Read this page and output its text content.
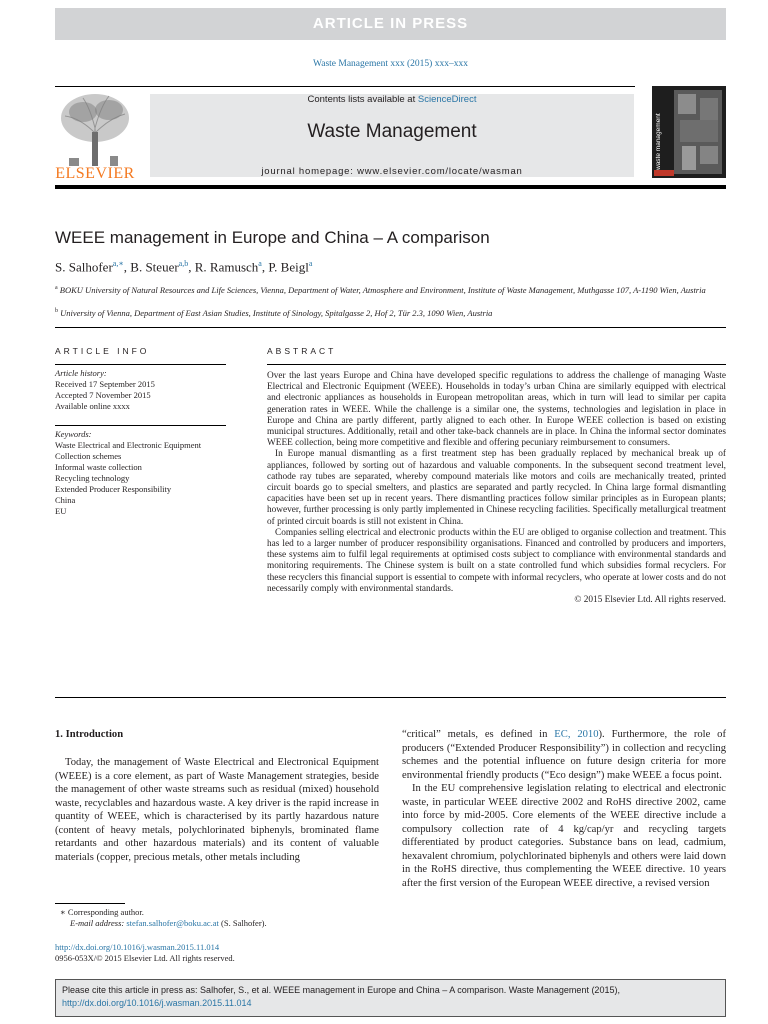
ARTICLE IN PRESS
Waste Management xxx (2015) xxx–xxx
ELSEVIER
Contents lists available at ScienceDirect
Waste Management
journal homepage: www.elsevier.com/locate/wasman
waste management
WEEE management in Europe and China – A comparison
S. Salhofer$^{a,∗}$, B. Steuer$^{a,b}$, R. Ramusch$^a$, P. Beigl$^a$
$^a$ BOKU University of Natural Resources and Life Sciences, Vienna, Department of Water, Atmosphere and Environment, Institute of Waste Management, Muthgasse 107, A-1190 Wien, Austria
$^b$ University of Vienna, Department of East Asian Studies, Institute of Sinology, Spitalgasse 2, Hof 2, Tür 2.3, 1090 Wien, Austria
ARTICLE INFO
Article history:
Received 17 September 2015
Accepted 7 November 2015
Available online xxxx
Keywords:
Waste Electrical and Electronic Equipment
Collection schemes
Informal waste collection
Recycling technology
Extended Producer Responsibility
China
EU
ABSTRACT

Over the last years Europe and China have developed specific regulations to address the challenge of managing Waste Electrical and Electronic Equipment (WEEE). Households in today’s urban China are similarly equipped with electrical and electronic appliances as households in European metropolitan areas, which in turn will lead to similar per capita generation rates in WEEE. While the challenge is a similar one, the systems, technologies and legislation in place in Europe and China are partly different, partly aligned to each other. In Europe WEEE collection is based on existing municipal structures. Additionally, retail and other take-back channels are in place. In China the informal sector dominates WEEE collection, being more competitive and flexible and offering pecuniary reimbursement to consumers.

In Europe manual dismantling as a first treatment step has been gradually replaced by mechanical break up of appliances, followed by sorting out of hazardous and valuable components. In the subsequent second treatment level, cathode ray tubes are separated, whereby compound materials like motors and coils are mechanically treated, printed circuit boards go to special smelters, and plastics are separated and partly recycled. In China large formal dismantling capacities have been set up in recent years. There dismantling practices follow similar principles as in European plants; however, further processing is only partly implemented in Chinese recycling facilities. Specifically metallurgical treatment of printed circuit boards is still not existent in China.

Companies selling electrical and electronic products within the EU are obliged to organise collection and treatment. This has led to a larger number of producer responsibility organisations. Financed and controlled by producers and importers, these systems aim to fulfil legal requirements at optimised costs subject to compliance with environmental standards and monitoring requirements. The Chinese system is built on a state controlled fund which subsidies formal recyclers. For these recyclers this financial support is essential to compete with informal recyclers, who operate at lower costs and do not necessarily comply with environmental standards.

© 2015 Elsevier Ltd. All rights reserved.
1. Introduction

Today, the management of Waste Electrical and Electronical Equipment (WEEE) is a core element, as part of Waste Management strategies, beside the management of other waste streams such as residual (mixed) household waste, recyclables and hazardous waste. A key driver is the rapid increase in quantity of WEEE, which is characterised by its partly hazardous nature (content of heavy metals, polychlorinated biphenyls, brominated flame retardants and other hazardous materials) and its content of valuable materials (copper, precious metals, other metals including

“critical” metals, es defined in EC, 2010). Furthermore, the role of producers (“Extended Producer Responsibility”) in collection and recycling schemes and the potential influence on future design criteria for more environmental friendly products (“Eco design”) make WEEE a focus point.

In the EU comprehensive legislation relating to electrical and electronic waste, in particular WEEE directive 2002 and RoHS directive 2002, came into force by mid-2005. Core elements of the WEEE directive include a compulsory collection rate of 4 kg/cap/yr and recycling targets differentiated by product categories. Substance bans on lead, cadmium, hexavalent chromium, polychlorinated biphenyls and others were laid down in the RoHS directive, thus complementing the WEEE directive. 10 years after the first version of the European WEEE directive, a revised version

∗ Corresponding author.
E-mail address: stefan.salhofer@boku.ac.at (S. Salhofer).
http://dx.doi.org/10.1016/j.wasman.2015.11.014
0956-053X/© 2015 Elsevier Ltd. All rights reserved.
Please cite this article in press as: Salhofer, S., et al. WEEE management in Europe and China – A comparison. Waste Management (2015), http://dx.doi.org/10.1016/j.wasman.2015.11.014
